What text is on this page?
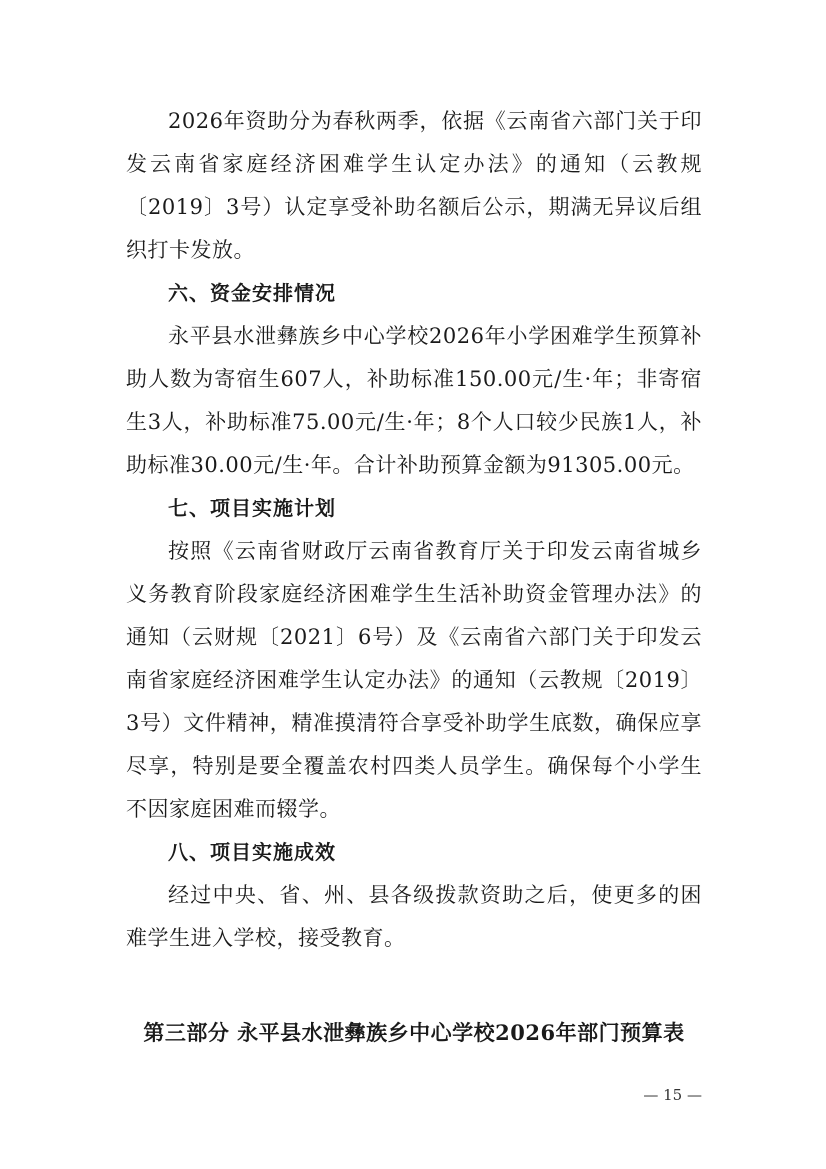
2026年资助分为春秋两季，依据《云南省六部门关于印发云南省家庭经济困难学生认定办法》的通知（云教规〔2019〕3号）认定享受补助名额后公示，期满无异议后组织打卡发放。

六、资金安排情况

永平县水泄彝族乡中心学校2026年小学困难学生预算补助人数为寄宿生607人，补助标准150.00元/生·年；非寄宿生3人，补助标准75.00元/生·年；8个人口较少民族1人，补助标准30.00元/生·年。合计补助预算金额为91305.00元。

七、项目实施计划

按照《云南省财政厅云南省教育厅关于印发云南省城乡义务教育阶段家庭经济困难学生生活补助资金管理办法》的通知（云财规〔2021〕6号）及《云南省六部门关于印发云南省家庭经济困难学生认定办法》的通知（云教规〔2019〕3号）文件精神，精准摸清符合享受补助学生底数，确保应享尽享，特别是要全覆盖农村四类人员学生。确保每个小学生不因家庭困难而辍学。

八、项目实施成效

经过中央、省、州、县各级拨款资助之后，使更多的困难学生进入学校，接受教育。

第三部分 永平县水泄彝族乡中心学校2026年部门预算表
— 15 —
